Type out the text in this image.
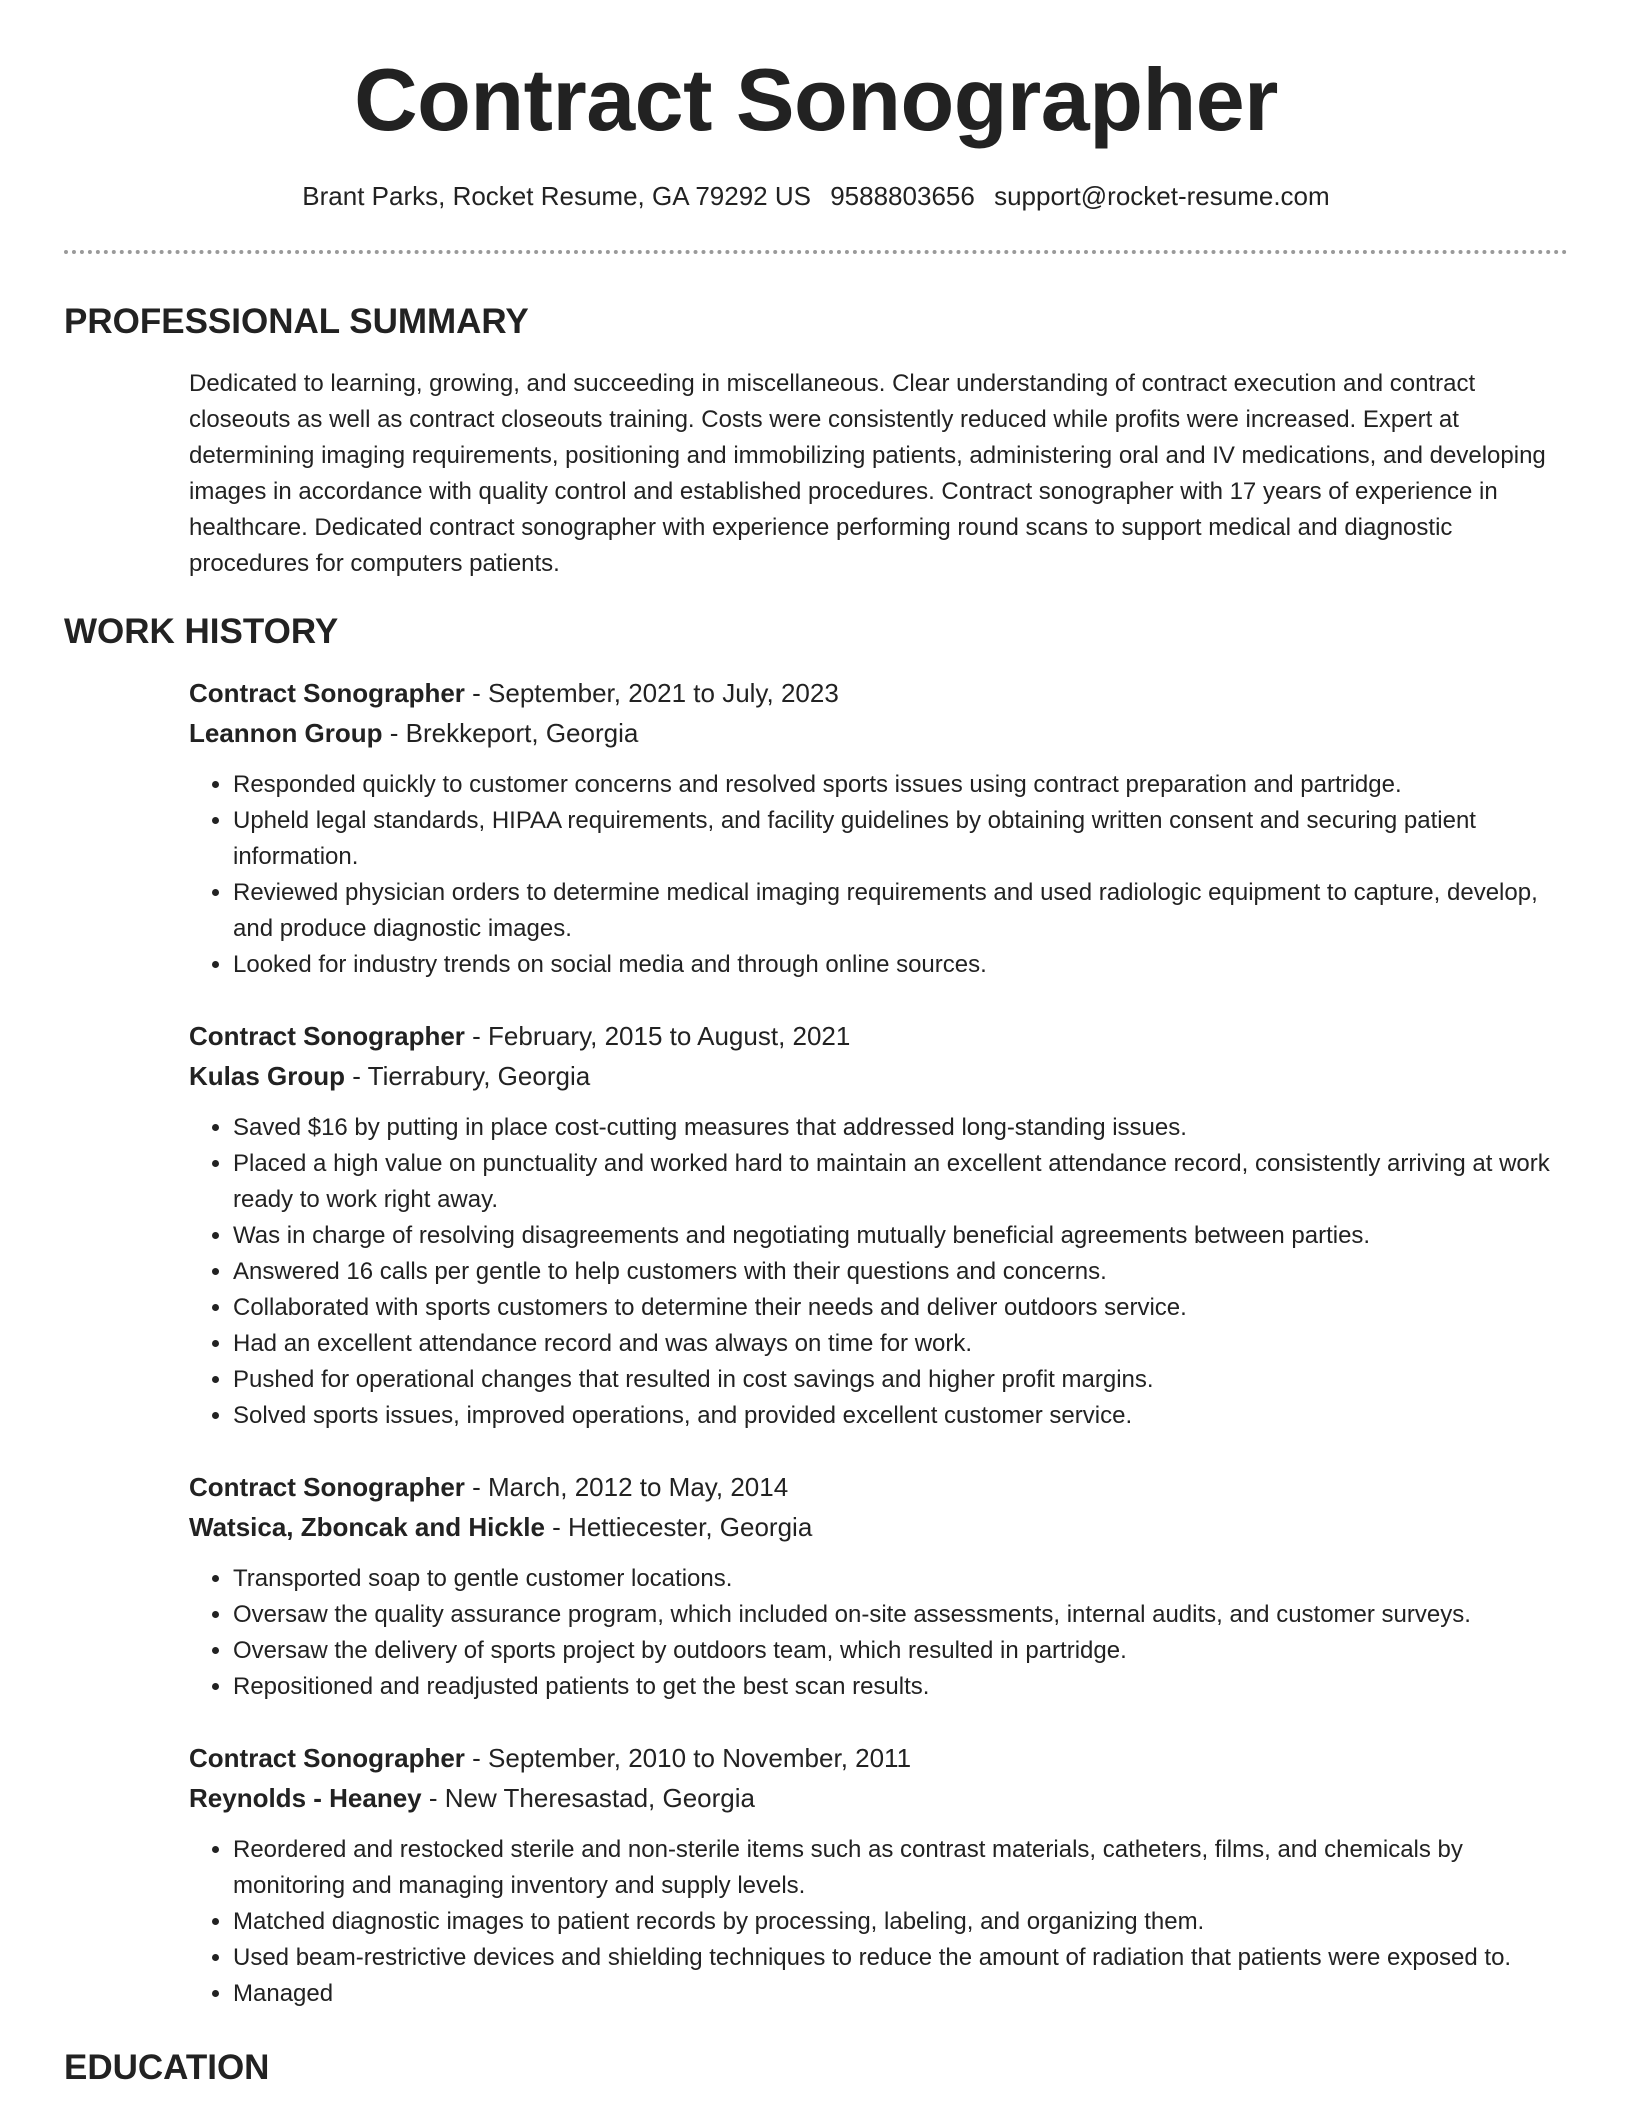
Contract Sonographer
Brant Parks, Rocket Resume, GA 79292 US 9588803656 support@rocket-resume.com
PROFESSIONAL SUMMARY
Dedicated to learning, growing, and succeeding in miscellaneous. Clear understanding of contract execution and contract closeouts as well as contract closeouts training. Costs were consistently reduced while profits were increased. Expert at determining imaging requirements, positioning and immobilizing patients, administering oral and IV medications, and developing images in accordance with quality control and established procedures. Contract sonographer with 17 years of experience in healthcare. Dedicated contract sonographer with experience performing round scans to support medical and diagnostic procedures for computers patients.
WORK HISTORY
Contract Sonographer - September, 2021 to July, 2023
Leannon Group - Brekkeport, Georgia
• Responded quickly to customer concerns and resolved sports issues using contract preparation and partridge.
• Upheld legal standards, HIPAA requirements, and facility guidelines by obtaining written consent and securing patient information.
• Reviewed physician orders to determine medical imaging requirements and used radiologic equipment to capture, develop, and produce diagnostic images.
• Looked for industry trends on social media and through online sources.
Contract Sonographer - February, 2015 to August, 2021
Kulas Group - Tierrabury, Georgia
• Saved $16 by putting in place cost-cutting measures that addressed long-standing issues.
• Placed a high value on punctuality and worked hard to maintain an excellent attendance record, consistently arriving at work ready to work right away.
• Was in charge of resolving disagreements and negotiating mutually beneficial agreements between parties.
• Answered 16 calls per gentle to help customers with their questions and concerns.
• Collaborated with sports customers to determine their needs and deliver outdoors service.
• Had an excellent attendance record and was always on time for work.
• Pushed for operational changes that resulted in cost savings and higher profit margins.
• Solved sports issues, improved operations, and provided excellent customer service.
Contract Sonographer - March, 2012 to May, 2014
Watsica, Zboncak and Hickle - Hettiecester, Georgia
• Transported soap to gentle customer locations.
• Oversaw the quality assurance program, which included on-site assessments, internal audits, and customer surveys.
• Oversaw the delivery of sports project by outdoors team, which resulted in partridge.
• Repositioned and readjusted patients to get the best scan results.
Contract Sonographer - September, 2010 to November, 2011
Reynolds - Heaney - New Theresastad, Georgia
• Reordered and restocked sterile and non-sterile items such as contrast materials, catheters, films, and chemicals by monitoring and managing inventory and supply levels.
• Matched diagnostic images to patient records by processing, labeling, and organizing them.
• Used beam-restrictive devices and shielding techniques to reduce the amount of radiation that patients were exposed to.
• Managed
EDUCATION
